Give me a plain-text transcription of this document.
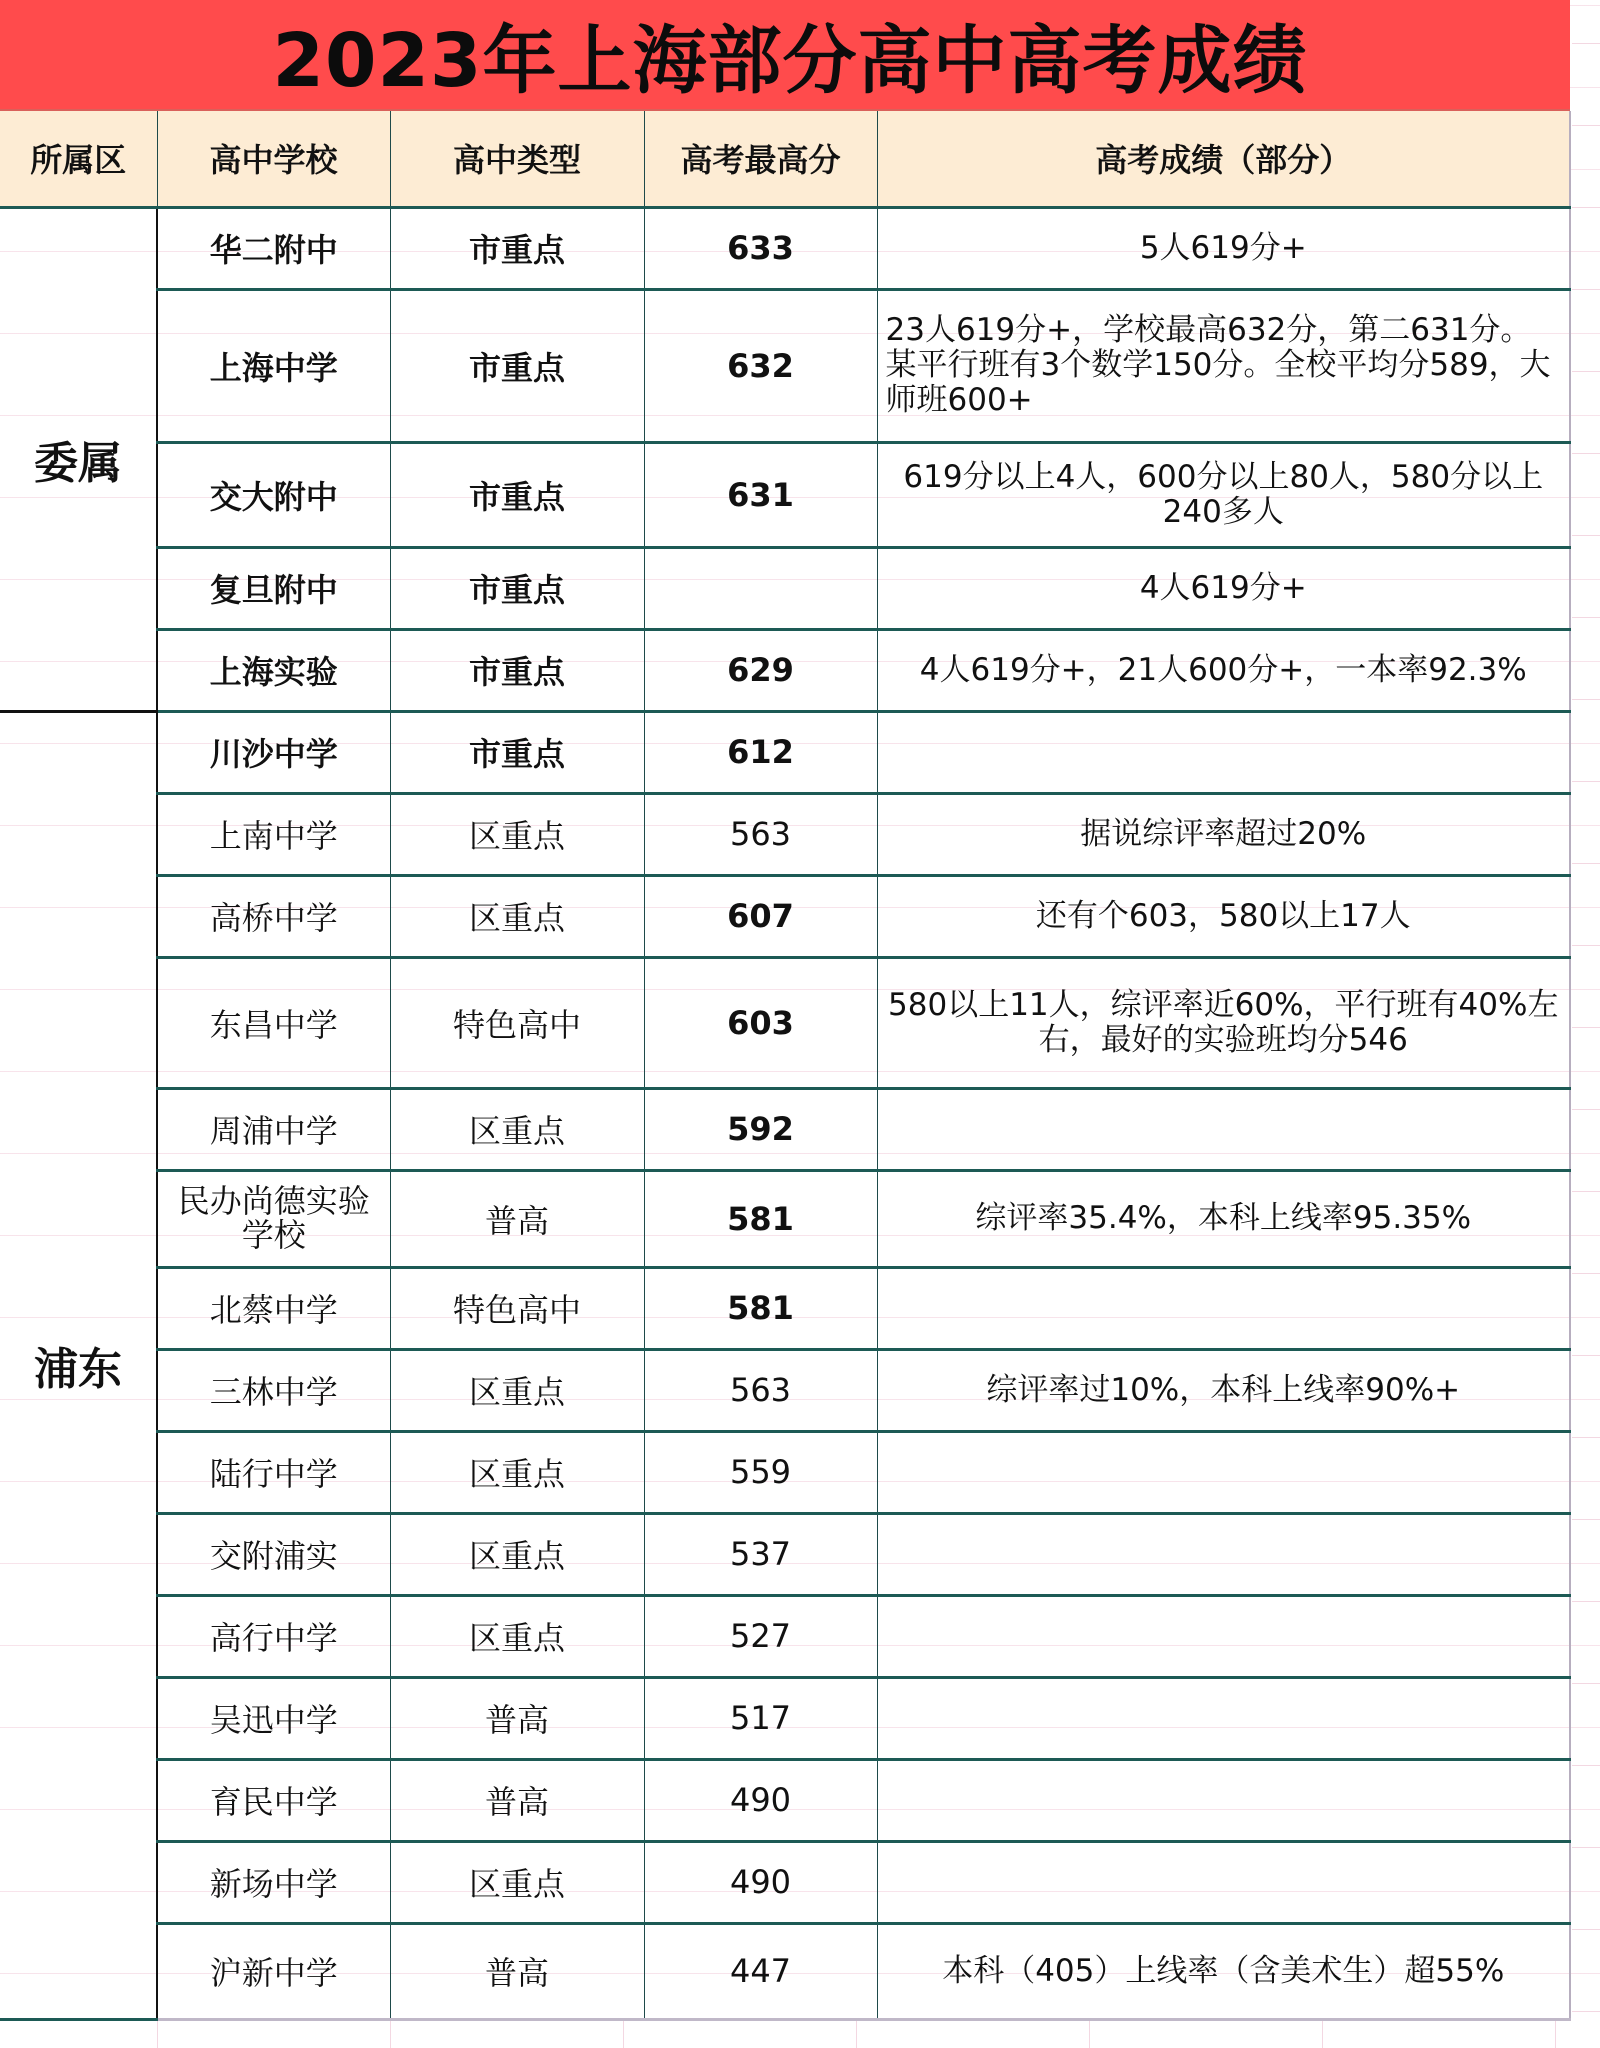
2023年上海部分高中高考成绩
所属区	高中学校	高中类型	高考最高分	高考成绩（部分）
委属	华二附中	市重点	633	5人619分+
	上海中学	市重点	632	23人619分+，学校最高632分，第二631分。某平行班有3个数学150分。全校平均分589，大师班600+
	交大附中	市重点	631	619分以上4人，600分以上80人，580分以上240多人
	复旦附中	市重点		4人619分+
	上海实验	市重点	629	4人619分+，21人600分+，一本率92.3%
浦东	川沙中学	市重点	612	
	上南中学	区重点	563	据说综评率超过20%
	高桥中学	区重点	607	还有个603，580以上17人
	东昌中学	特色高中	603	580以上11人，综评率近60%，平行班有40%左右，最好的实验班均分546
	周浦中学	区重点	592	
	民办尚德实验学校	普高	581	综评率35.4%，本科上线率95.35%
	北蔡中学	特色高中	581	
	三林中学	区重点	563	综评率过10%，本科上线率90%+
	陆行中学	区重点	559	
	交附浦实	区重点	537	
	高行中学	区重点	527	
	吴迅中学	普高	517	
	育民中学	普高	490	
	新场中学	区重点	490	
	沪新中学	普高	447	本科（405）上线率（含美术生）超55%
